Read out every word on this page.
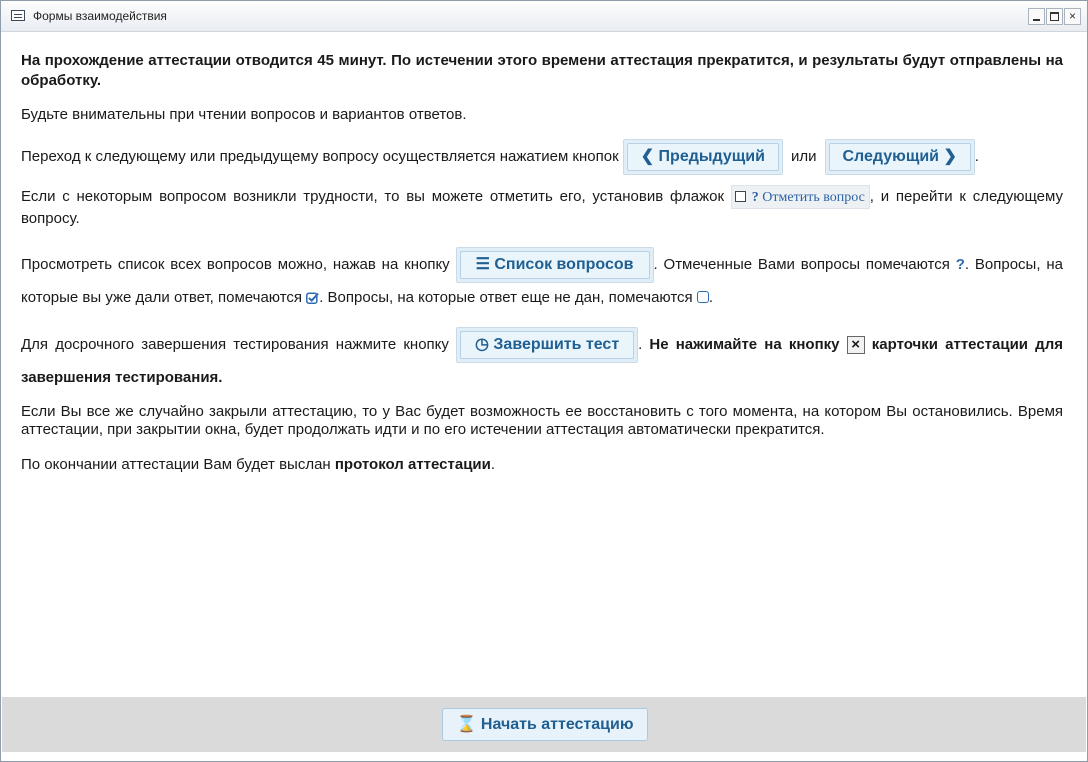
Формы взаимодействия	×

На прохождение аттестации отводится 45 минут. По истечении этого времени аттестация прекратится, и результаты будут отправлены на обработку.

Будьте внимательны при чтении вопросов и вариантов ответов.

Переход к следующему или предыдущему вопросу осуществляется нажатием кнопок	❮ Предыдущий	или	Следующий ❯	.

Если с некоторым вопросом возникли трудности, то вы можете отметить его, установив флажок ? Отметить вопрос , и перейти к следующему вопросу.

Просмотреть список всех вопросов можно, нажав на кнопку	☰ Список вопросов	. Отмеченные Вами вопросы помечаются ?. Вопросы, на которые вы уже дали ответ, помечаются . Вопросы, на которые ответ еще не дан, помечаются .

Для досрочного завершения тестирования нажмите кнопку	◷ Завершить тест	. Не нажимайте на кнопку × карточки аттестации для завершения тестирования.

Если Вы все же случайно закрыли аттестацию, то у Вас будет возможность ее восстановить с того момента, на котором Вы остановились. Время аттестации, при закрытии окна, будет продолжать идти и по его истечении аттестация автоматически прекратится.

По окончании аттестации Вам будет выслан протокол аттестации.

⌛ Начать аттестацию
